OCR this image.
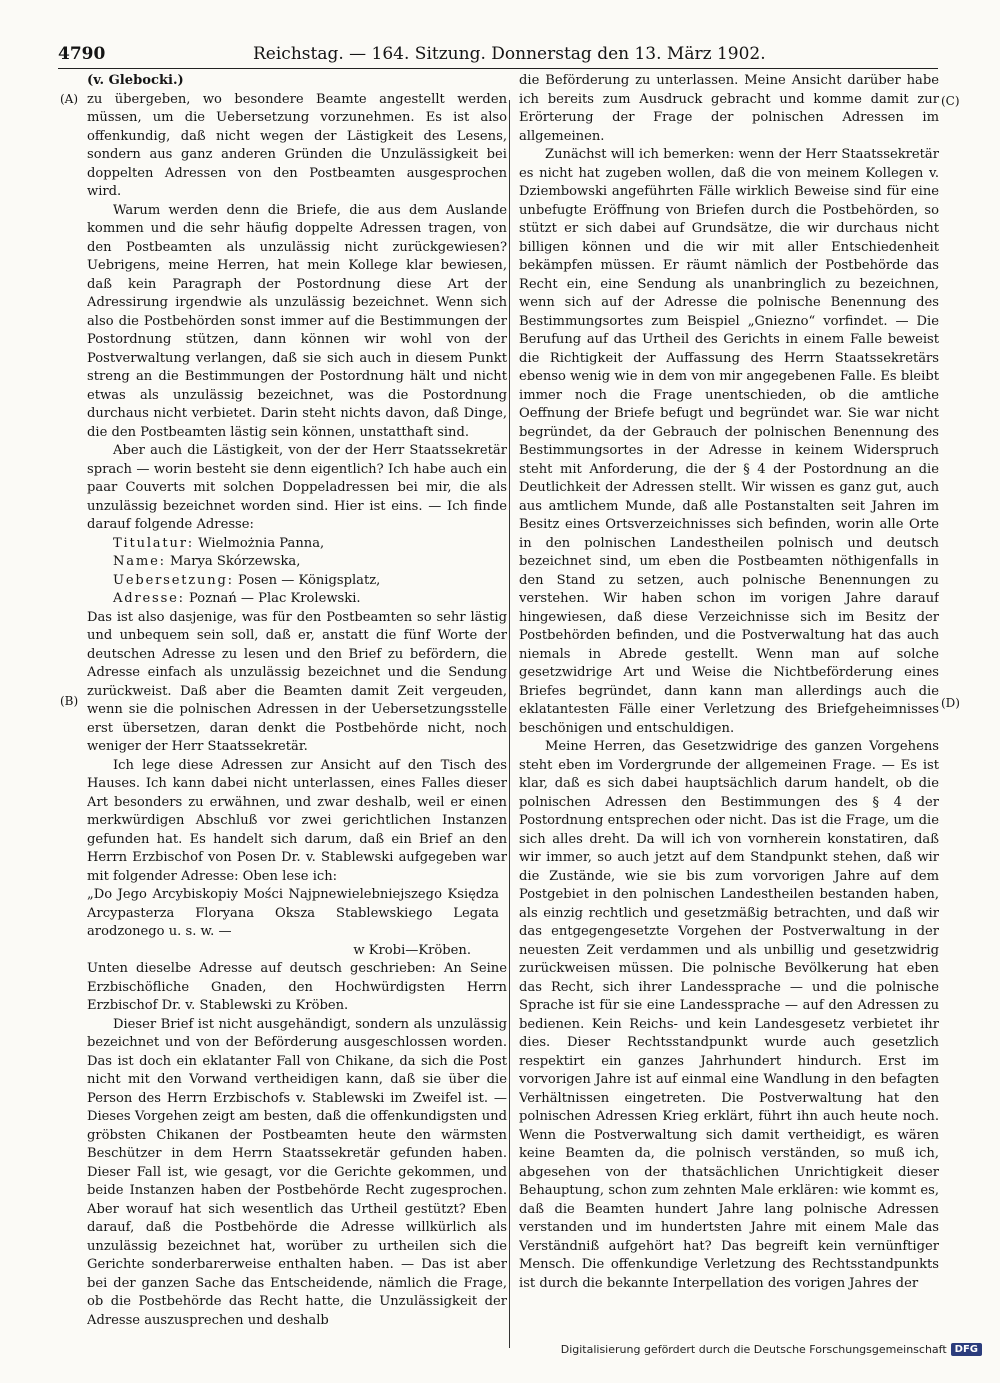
4790	Reichstag. — 164. Sitzung. Donnerstag den 13. März 1902.
(A)
(B)
(C)
(D)

(v. Glebocki.)

zu übergeben, wo besondere Beamte angestellt werden müssen, um die Uebersetzung vorzunehmen. Es ist also offenkundig, daß nicht wegen der Lästigkeit des Lesens, sondern aus ganz anderen Gründen die Unzulässigkeit bei doppelten Adressen von den Postbeamten ausgesprochen wird.

Warum werden denn die Briefe, die aus dem Auslande kommen und die sehr häufig doppelte Adressen tragen, von den Postbeamten als unzulässig nicht zurückgewiesen? Uebrigens, meine Herren, hat mein Kollege klar bewiesen, daß kein Paragraph der Postordnung diese Art der Adressirung irgendwie als unzulässig bezeichnet. Wenn sich also die Postbehörden sonst immer auf die Bestimmungen der Postordnung stützen, dann können wir wohl von der Postverwaltung verlangen, daß sie sich auch in diesem Punkt streng an die Bestimmungen der Postordnung hält und nicht etwas als unzulässig bezeichnet, was die Postordnung durchaus nicht verbietet. Darin steht nichts davon, daß Dinge, die den Postbeamten lästig sein können, unstatthaft sind.

Aber auch die Lästigkeit, von der der Herr Staatssekretär sprach — worin besteht sie denn eigentlich? Ich habe auch ein paar Couverts mit solchen Doppeladressen bei mir, die als unzulässig bezeichnet worden sind. Hier ist eins. — Ich finde darauf folgende Adresse:

Titulatur: Wielmożnia Panna,

Name: Marya Skórzewska,

Uebersetzung: Posen — Königsplatz,

Adresse: Poznań — Plac Krolewski.

Das ist also dasjenige, was für den Postbeamten so sehr lästig und unbequem sein soll, daß er, anstatt die fünf Worte der deutschen Adresse zu lesen und den Brief zu befördern, die Adresse einfach als unzulässig bezeichnet und die Sendung zurückweist. Daß aber die Beamten damit Zeit vergeuden, wenn sie die polnischen Adressen in der Uebersetzungsstelle erst übersetzen, daran denkt die Postbehörde nicht, noch weniger der Herr Staatssekretär.

Ich lege diese Adressen zur Ansicht auf den Tisch des Hauses. Ich kann dabei nicht unterlassen, eines Falles dieser Art besonders zu erwähnen, und zwar deshalb, weil er einen merkwürdigen Abschluß vor zwei gerichtlichen Instanzen gefunden hat. Es handelt sich darum, daß ein Brief an den Herrn Erzbischof von Posen Dr. v. Stablewski aufgegeben war mit folgender Adresse: Oben lese ich:

„Do Jego Arcybiskopiy Mości Najpnewielebniejszego Księdza Arcypasterza Floryana Oksza Stablewskiego Legata arodzonego u. s. w. —

w Krobi—Kröben.

Unten dieselbe Adresse auf deutsch geschrieben: An Seine Erzbischöfliche Gnaden, den Hochwürdigsten Herrn Erzbischof Dr. v. Stablewski zu Kröben.

Dieser Brief ist nicht ausgehändigt, sondern als unzulässig bezeichnet und von der Beförderung ausgeschlossen worden. Das ist doch ein eklatanter Fall von Chikane, da sich die Post nicht mit den Vorwand vertheidigen kann, daß sie über die Person des Herrn Erzbischofs v. Stablewski im Zweifel ist. — Dieses Vorgehen zeigt am besten, daß die offenkundigsten und gröbsten Chikanen der Postbeamten heute den wärmsten Beschützer in dem Herrn Staatssekretär gefunden haben. Dieser Fall ist, wie gesagt, vor die Gerichte gekommen, und beide Instanzen haben der Postbehörde Recht zugesprochen. Aber worauf hat sich wesentlich das Urtheil gestützt? Eben darauf, daß die Postbehörde die Adresse willkürlich als unzulässig bezeichnet hat, worüber zu urtheilen sich die Gerichte sonderbarerweise enthalten haben. — Das ist aber bei der ganzen Sache das Entscheidende, nämlich die Frage, ob die Postbehörde das Recht hatte, die Unzulässigkeit der Adresse auszusprechen und deshalb

die Beförderung zu unterlassen. Meine Ansicht darüber habe ich bereits zum Ausdruck gebracht und komme damit zur Erörterung der Frage der polnischen Adressen im allgemeinen.

Zunächst will ich bemerken: wenn der Herr Staatssekretär es nicht hat zugeben wollen, daß die von meinem Kollegen v. Dziembowski angeführten Fälle wirklich Beweise sind für eine unbefugte Eröffnung von Briefen durch die Postbehörden, so stützt er sich dabei auf Grundsätze, die wir durchaus nicht billigen können und die wir mit aller Entschiedenheit bekämpfen müssen. Er räumt nämlich der Postbehörde das Recht ein, eine Sendung als unanbringlich zu bezeichnen, wenn sich auf der Adresse die polnische Benennung des Bestimmungsortes zum Beispiel „Gniezno“ vorfindet. — Die Berufung auf das Urtheil des Gerichts in einem Falle beweist die Richtigkeit der Auffassung des Herrn Staatssekretärs ebenso wenig wie in dem von mir angegebenen Falle. Es bleibt immer noch die Frage unentschieden, ob die amtliche Oeffnung der Briefe befugt und begründet war. Sie war nicht begründet, da der Gebrauch der polnischen Benennung des Bestimmungsortes in der Adresse in keinem Widerspruch steht mit Anforderung, die der § 4 der Postordnung an die Deutlichkeit der Adressen stellt. Wir wissen es ganz gut, auch aus amtlichem Munde, daß alle Postanstalten seit Jahren im Besitz eines Ortsverzeichnisses sich befinden, worin alle Orte in den polnischen Landestheilen polnisch und deutsch bezeichnet sind, um eben die Postbeamten nöthigenfalls in den Stand zu setzen, auch polnische Benennungen zu verstehen. Wir haben schon im vorigen Jahre darauf hingewiesen, daß diese Verzeichnisse sich im Besitz der Postbehörden befinden, und die Postverwaltung hat das auch niemals in Abrede gestellt. Wenn man auf solche gesetzwidrige Art und Weise die Nichtbeförderung eines Briefes begründet, dann kann man allerdings auch die eklatantesten Fälle einer Verletzung des Briefgeheimnisses beschönigen und entschuldigen.

Meine Herren, das Gesetzwidrige des ganzen Vorgehens steht eben im Vordergrunde der allgemeinen Frage. — Es ist klar, daß es sich dabei hauptsächlich darum handelt, ob die polnischen Adressen den Bestimmungen des § 4 der Postordnung entsprechen oder nicht. Das ist die Frage, um die sich alles dreht. Da will ich von vornherein konstatiren, daß wir immer, so auch jetzt auf dem Standpunkt stehen, daß wir die Zustände, wie sie bis zum vorvorigen Jahre auf dem Postgebiet in den polnischen Landestheilen bestanden haben, als einzig rechtlich und gesetzmäßig betrachten, und daß wir das entgegengesetzte Vorgehen der Postverwaltung in der neuesten Zeit verdammen und als unbillig und gesetzwidrig zurückweisen müssen. Die polnische Bevölkerung hat eben das Recht, sich ihrer Landessprache — und die polnische Sprache ist für sie eine Landessprache — auf den Adressen zu bedienen. Kein Reichs- und kein Landesgesetz verbietet ihr dies. Dieser Rechtsstandpunkt wurde auch gesetzlich respektirt ein ganzes Jahrhundert hindurch. Erst im vorvorigen Jahre ist auf einmal eine Wandlung in den befagten Verhältnissen eingetreten. Die Postverwaltung hat den polnischen Adressen Krieg erklärt, führt ihn auch heute noch. Wenn die Postverwaltung sich damit vertheidigt, es wären keine Beamten da, die polnisch verständen, so muß ich, abgesehen von der thatsächlichen Unrichtigkeit dieser Behauptung, schon zum zehnten Male erklären: wie kommt es, daß die Beamten hundert Jahre lang polnische Adressen verstanden und im hundertsten Jahre mit einem Male das Verständniß aufgehört hat? Das begreift kein vernünftiger Mensch. Die offenkundige Verletzung des Rechtsstandpunkts ist durch die bekannte Interpellation des vorigen Jahres der

Digitalisierung gefördert durch die Deutsche Forschungsgemeinschaft DFG
